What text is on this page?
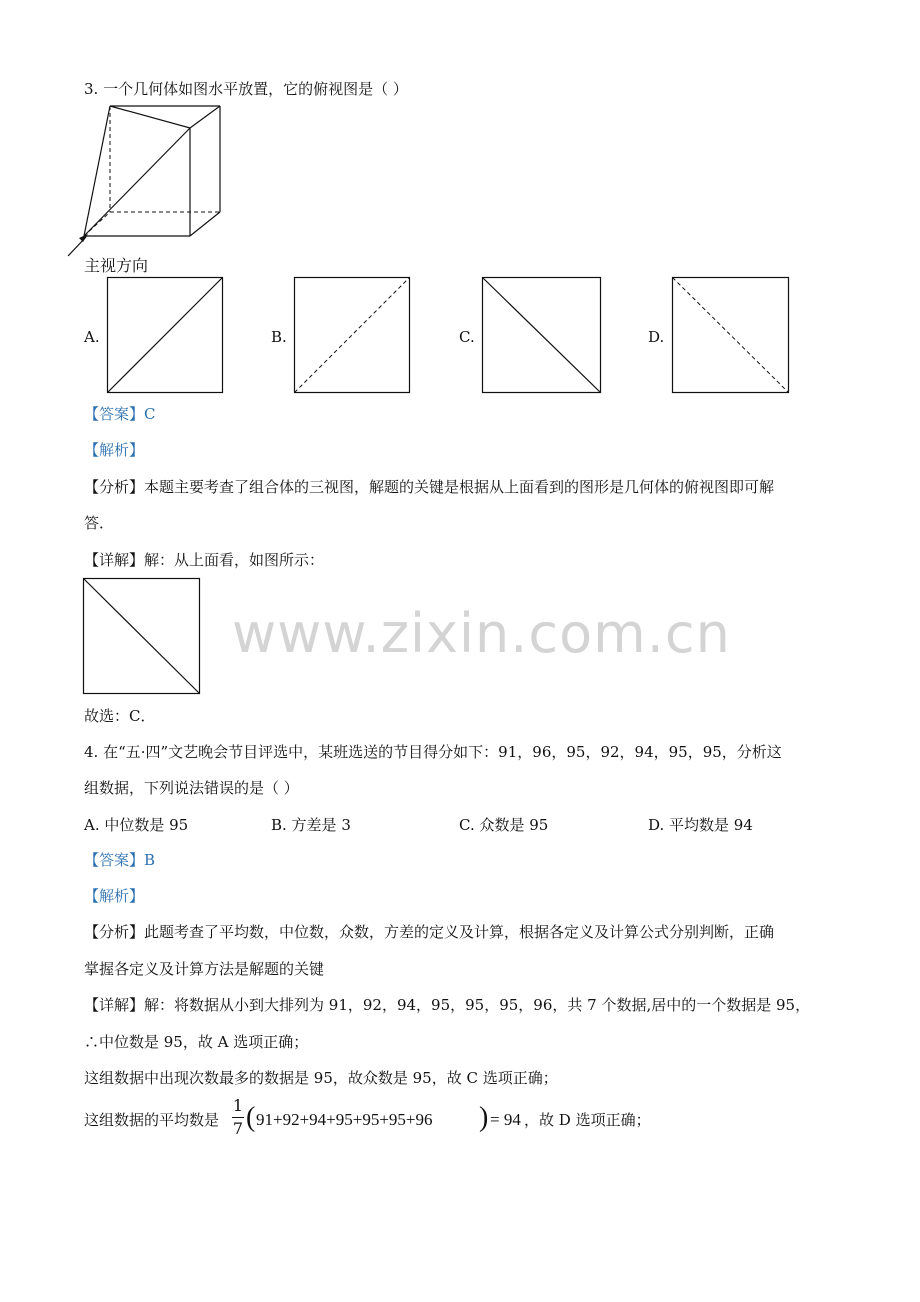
www.zixin.com.cn
3. 一个几何体如图水平放置，它的俯视图是（ ）
主视方向
A.	B.	C.	D.
【答案】C
【解析】
【分析】本题主要考查了组合体的三视图，解题的关键是根据从上面看到的图形是几何体的俯视图即可解
答．
【详解】解：从上面看，如图所示：
故选：C．
4. 在“五·四”文艺晚会节目评选中，某班选送的节目得分如下：91，96，95，92，94，95，95，分析这
组数据，下列说法错误的是（ ）
A. 中位数是 95	B. 方差是 3	C. 众数是 95	D. 平均数是 94
【答案】B
【解析】
【分析】此题考查了平均数，中位数，众数，方差的定义及计算，根据各定义及计算公式分别判断，正确
掌握各定义及计算方法是解题的关键
【详解】解：将数据从小到大排列为 91，92，94，95，95，95，96，共 7 个数据,居中的一个数据是 95，
∴中位数是 95，故 A 选项正确；
这组数据中出现次数最多的数据是 95，故众数是 95，故 C 选项正确；
这组数据的平均数是
1
7 ( 91+92+94+95+95+95+96 ) = 94 ，故 D 选项正确；
